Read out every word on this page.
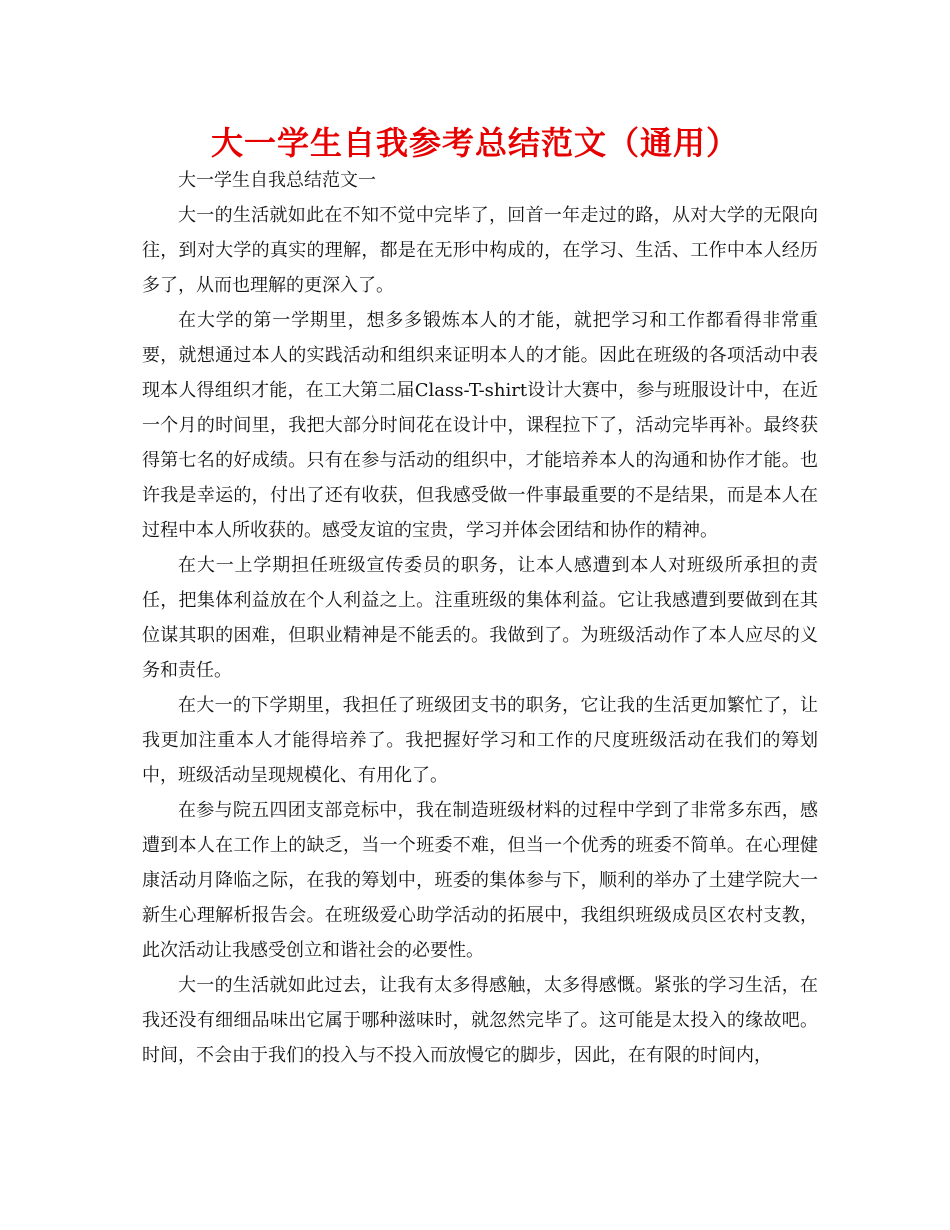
大一学生自我参考总结范文（通用）

大一学生自我总结范文一

大一的生活就如此在不知不觉中完毕了，回首一年走过的路，从对大学的无限向往，到对大学的真实的理解，都是在无形中构成的，在学习、生活、工作中本人经历多了，从而也理解的更深入了。

在大学的第一学期里，想多多锻炼本人的才能，就把学习和工作都看得非常重要，就想通过本人的实践活动和组织来证明本人的才能。因此在班级的各项活动中表现本人得组织才能，在工大第二届Class-T-shirt设计大赛中，参与班服设计中，在近一个月的时间里，我把大部分时间花在设计中，课程拉下了，活动完毕再补。最终获得第七名的好成绩。只有在参与活动的组织中，才能培养本人的沟通和协作才能。也许我是幸运的，付出了还有收获，但我感受做一件事最重要的不是结果，而是本人在过程中本人所收获的。感受友谊的宝贵，学习并体会团结和协作的精神。

在大一上学期担任班级宣传委员的职务，让本人感遭到本人对班级所承担的责任，把集体利益放在个人利益之上。注重班级的集体利益。它让我感遭到要做到在其位谋其职的困难，但职业精神是不能丢的。我做到了。为班级活动作了本人应尽的义务和责任。

在大一的下学期里，我担任了班级团支书的职务，它让我的生活更加繁忙了，让我更加注重本人才能得培养了。我把握好学习和工作的尺度班级活动在我们的筹划中，班级活动呈现规模化、有用化了。

在参与院五四团支部竞标中，我在制造班级材料的过程中学到了非常多东西，感遭到本人在工作上的缺乏，当一个班委不难，但当一个优秀的班委不简单。在心理健康活动月降临之际，在我的筹划中，班委的集体参与下，顺利的举办了土建学院大一新生心理解析报告会。在班级爱心助学活动的拓展中，我组织班级成员区农村支教，此次活动让我感受创立和谐社会的必要性。

大一的生活就如此过去，让我有太多得感触，太多得感慨。紧张的学习生活，在我还没有细细品味出它属于哪种滋味时，就忽然完毕了。这可能是太投入的缘故吧。时间，不会由于我们的投入与不投入而放慢它的脚步，因此，在有限的时间内，
